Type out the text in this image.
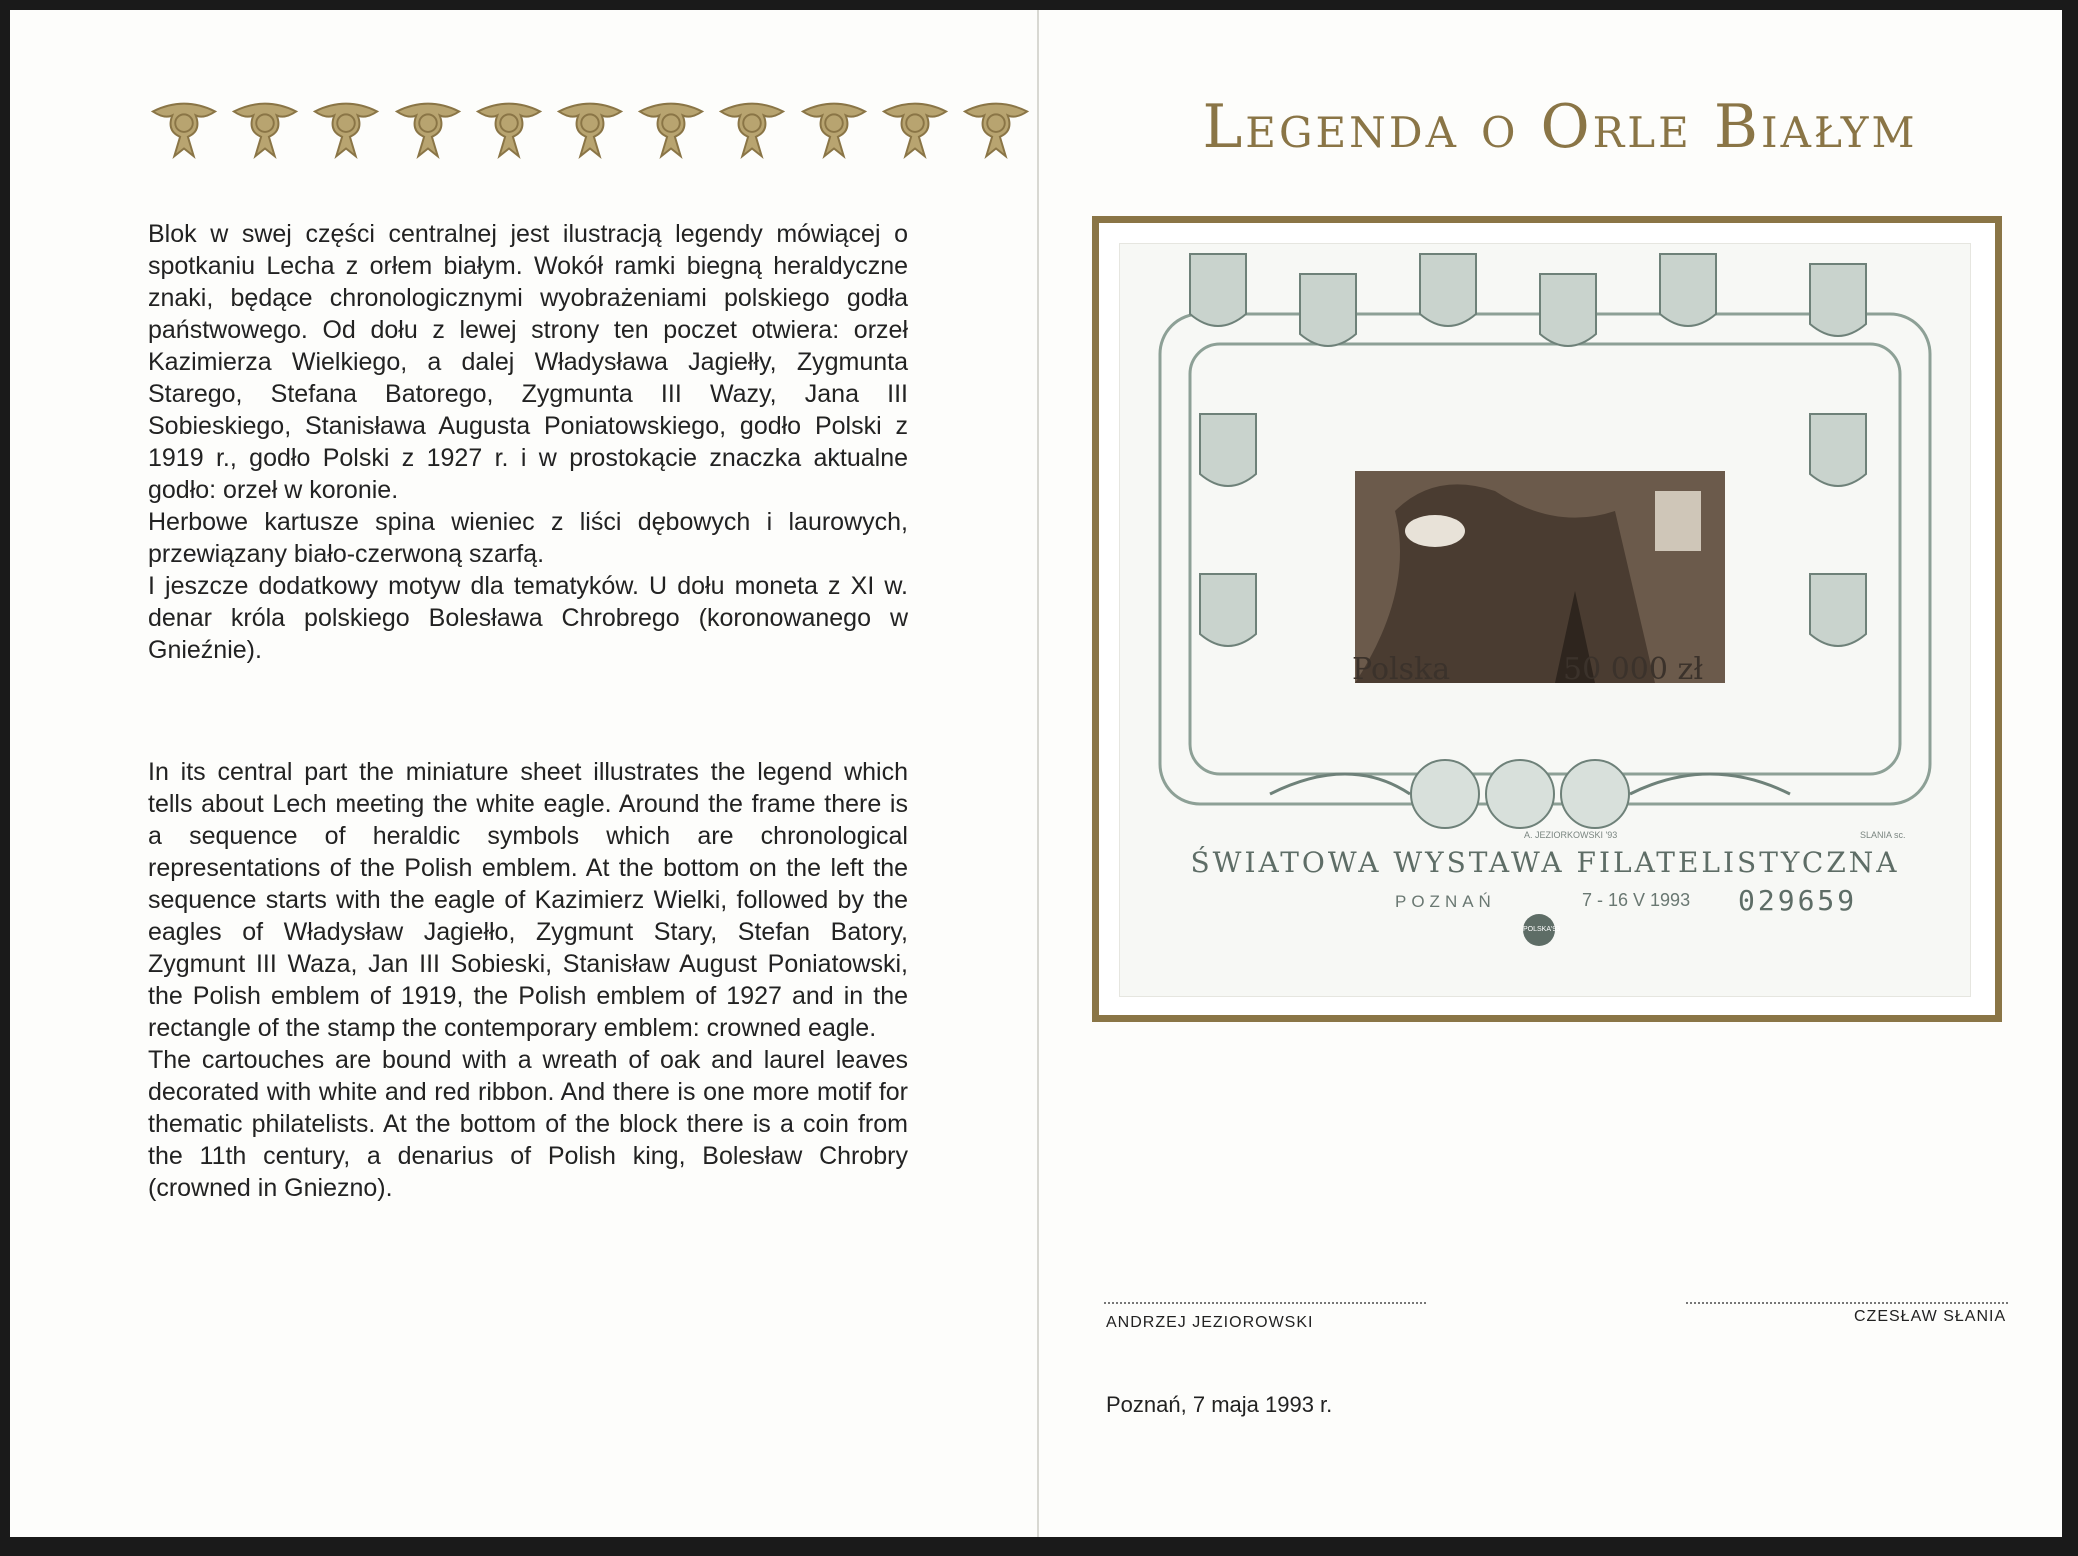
Blok w swej części centralnej jest ilustracją legendy mówiącej o spotkaniu Lecha z orłem białym. Wokół ramki biegną heraldyczne znaki, będące chronologicznymi wyobrażeniami polskiego godła państwowego. Od dołu z lewej strony ten poczet otwiera: orzeł Kazimierza Wielkiego, a dalej Władysława Jagiełły, Zygmunta Starego, Stefana Batorego, Zygmunta III Wazy, Jana III Sobieskiego, Stanisława Augusta Poniatowskiego, godło Polski z 1919 r., godło Polski z 1927 r. i w prostokącie znaczka aktualne godło: orzeł w koronie.

Herbowe kartusze spina wieniec z liści dębowych i laurowych, przewiązany biało-czerwoną szarfą.

I jeszcze dodatkowy motyw dla tematyków. U dołu moneta z XI w. denar króla polskiego Bolesława Chrobrego (koronowanego w Gnieźnie).

In its central part the miniature sheet illustrates the legend which tells about Lech meeting the white eagle. Around the frame there is a sequence of heraldic symbols which are chronological representations of the Polish emblem. At the bottom on the left the sequence starts with the eagle of Kazimierz Wielki, followed by the eagles of Władysław Jagiełło, Zygmunt Stary, Stefan Batory, Zygmunt III Waza, Jan III Sobieski, Stanisław August Poniatowski, the Polish emblem of 1919, the Polish emblem of 1927 and in the rectangle of the stamp the contemporary emblem: crowned eagle.

The cartouches are bound with a wreath of oak and laurel leaves decorated with white and red ribbon. And there is one more motif for thematic philatelists. At the bottom of the block there is a coin from the 11th century, a denarius of Polish king, Bolesław Chrobry (crowned in Gniezno).

Legenda o Orle Białym
Polska	50 000 zł
A. JEZIORKOWSKI '93	SLANIA sc.
ŚWIATOWA WYSTAWA FILATELISTYCZNA
POZNAŃ	7 - 16 V 1993 029659
POLSKA'93
ANDRZEJ JEZIOROWSKI	CZESŁAW SŁANIA
Poznań, 7 maja 1993 r.
